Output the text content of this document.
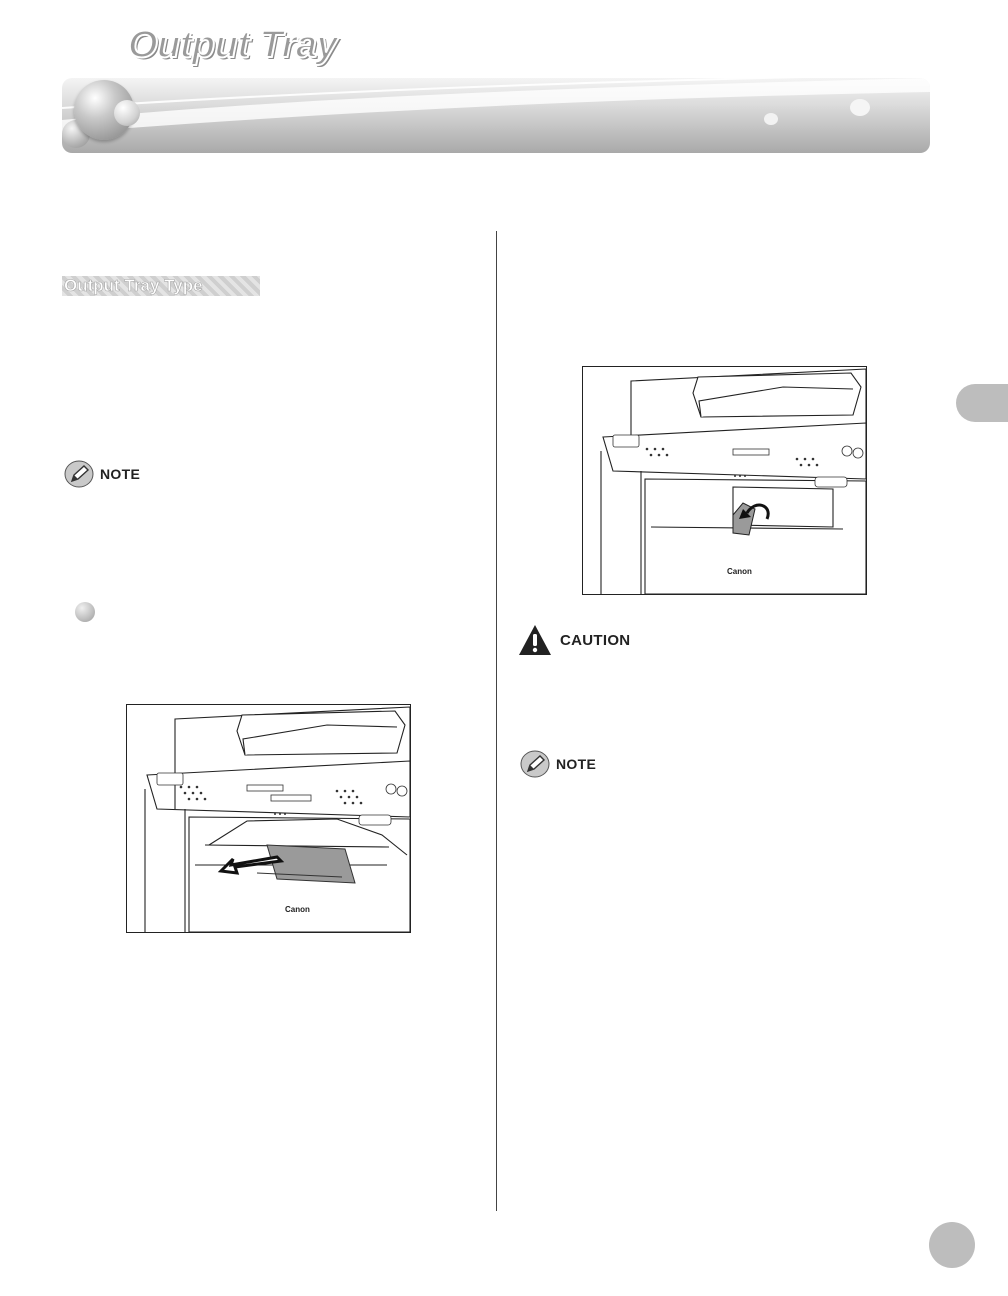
Output Tray
Output Tray Type
NOTE
Canon
Canon
CAUTION
NOTE
